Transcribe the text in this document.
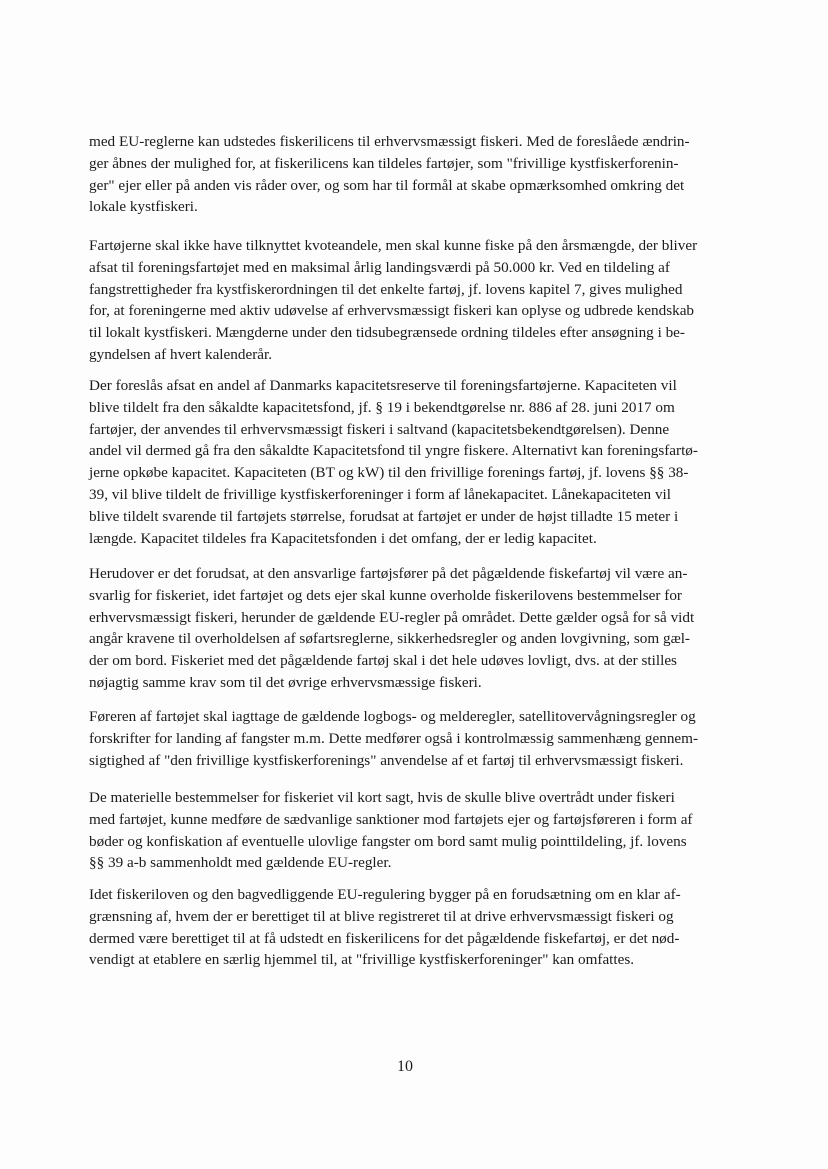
med EU-reglerne kan udstedes fiskerilicens til erhvervsmæssigt fiskeri. Med de foreslåede ændrin-
ger åbnes der mulighed for, at fiskerilicens kan tildeles fartøjer, som "frivillige kystfiskerforenin-
ger" ejer eller på anden vis råder over, og som har til formål at skabe opmærksomhed omkring det
lokale kystfiskeri.
Fartøjerne skal ikke have tilknyttet kvoteandele, men skal kunne fiske på den årsmængde, der bliver
afsat til foreningsfartøjet med en maksimal årlig landingsværdi på 50.000 kr. Ved en tildeling af
fangstrettigheder fra kystfiskerordningen til det enkelte fartøj, jf. lovens kapitel 7, gives mulighed
for, at foreningerne med aktiv udøvelse af erhvervsmæssigt fiskeri kan oplyse og udbrede kendskab
til lokalt kystfiskeri. Mængderne under den tidsubegrænsede ordning tildeles efter ansøgning i be-
gyndelsen af hvert kalenderår.
Der foreslås afsat en andel af Danmarks kapacitetsreserve til foreningsfartøjerne. Kapaciteten vil
blive tildelt fra den såkaldte kapacitetsfond, jf. § 19 i bekendtgørelse nr. 886 af 28. juni 2017 om
fartøjer, der anvendes til erhvervsmæssigt fiskeri i saltvand (kapacitetsbekendtgørelsen). Denne
andel vil dermed gå fra den såkaldte Kapacitetsfond til yngre fiskere. Alternativt kan foreningsfartø-
jerne opkøbe kapacitet. Kapaciteten (BT og kW) til den frivillige forenings fartøj, jf. lovens §§ 38-
39, vil blive tildelt de frivillige kystfiskerforeninger i form af lånekapacitet. Lånekapaciteten vil
blive tildelt svarende til fartøjets størrelse, forudsat at fartøjet er under de højst tilladte 15 meter i
længde. Kapacitet tildeles fra Kapacitetsfonden i det omfang, der er ledig kapacitet.
Herudover er det forudsat, at den ansvarlige fartøjsfører på det pågældende fiskefartøj vil være an-
svarlig for fiskeriet, idet fartøjet og dets ejer skal kunne overholde fiskerilovens bestemmelser for
erhvervsmæssigt fiskeri, herunder de gældende EU-regler på området. Dette gælder også for så vidt
angår kravene til overholdelsen af søfartsreglerne, sikkerhedsregler og anden lovgivning, som gæl-
der om bord. Fiskeriet med det pågældende fartøj skal i det hele udøves lovligt, dvs. at der stilles
nøjagtig samme krav som til det øvrige erhvervsmæssige fiskeri.
Føreren af fartøjet skal iagttage de gældende logbogs- og melderegler, satellitovervågningsregler og
forskrifter for landing af fangster m.m. Dette medfører også i kontrolmæssig sammenhæng gennem-
sigtighed af "den frivillige kystfiskerforenings" anvendelse af et fartøj til erhvervsmæssigt fiskeri.
De materielle bestemmelser for fiskeriet vil kort sagt, hvis de skulle blive overtrådt under fiskeri
med fartøjet, kunne medføre de sædvanlige sanktioner mod fartøjets ejer og fartøjsføreren i form af
bøder og konfiskation af eventuelle ulovlige fangster om bord samt mulig pointtildeling, jf. lovens
§§ 39 a-b sammenholdt med gældende EU-regler.
Idet fiskeriloven og den bagvedliggende EU-regulering bygger på en forudsætning om en klar af-
grænsning af, hvem der er berettiget til at blive registreret til at drive erhvervsmæssigt fiskeri og
dermed være berettiget til at få udstedt en fiskerilicens for det pågældende fiskefartøj, er det nød-
vendigt at etablere en særlig hjemmel til, at "frivillige kystfiskerforeninger" kan omfattes.
10
